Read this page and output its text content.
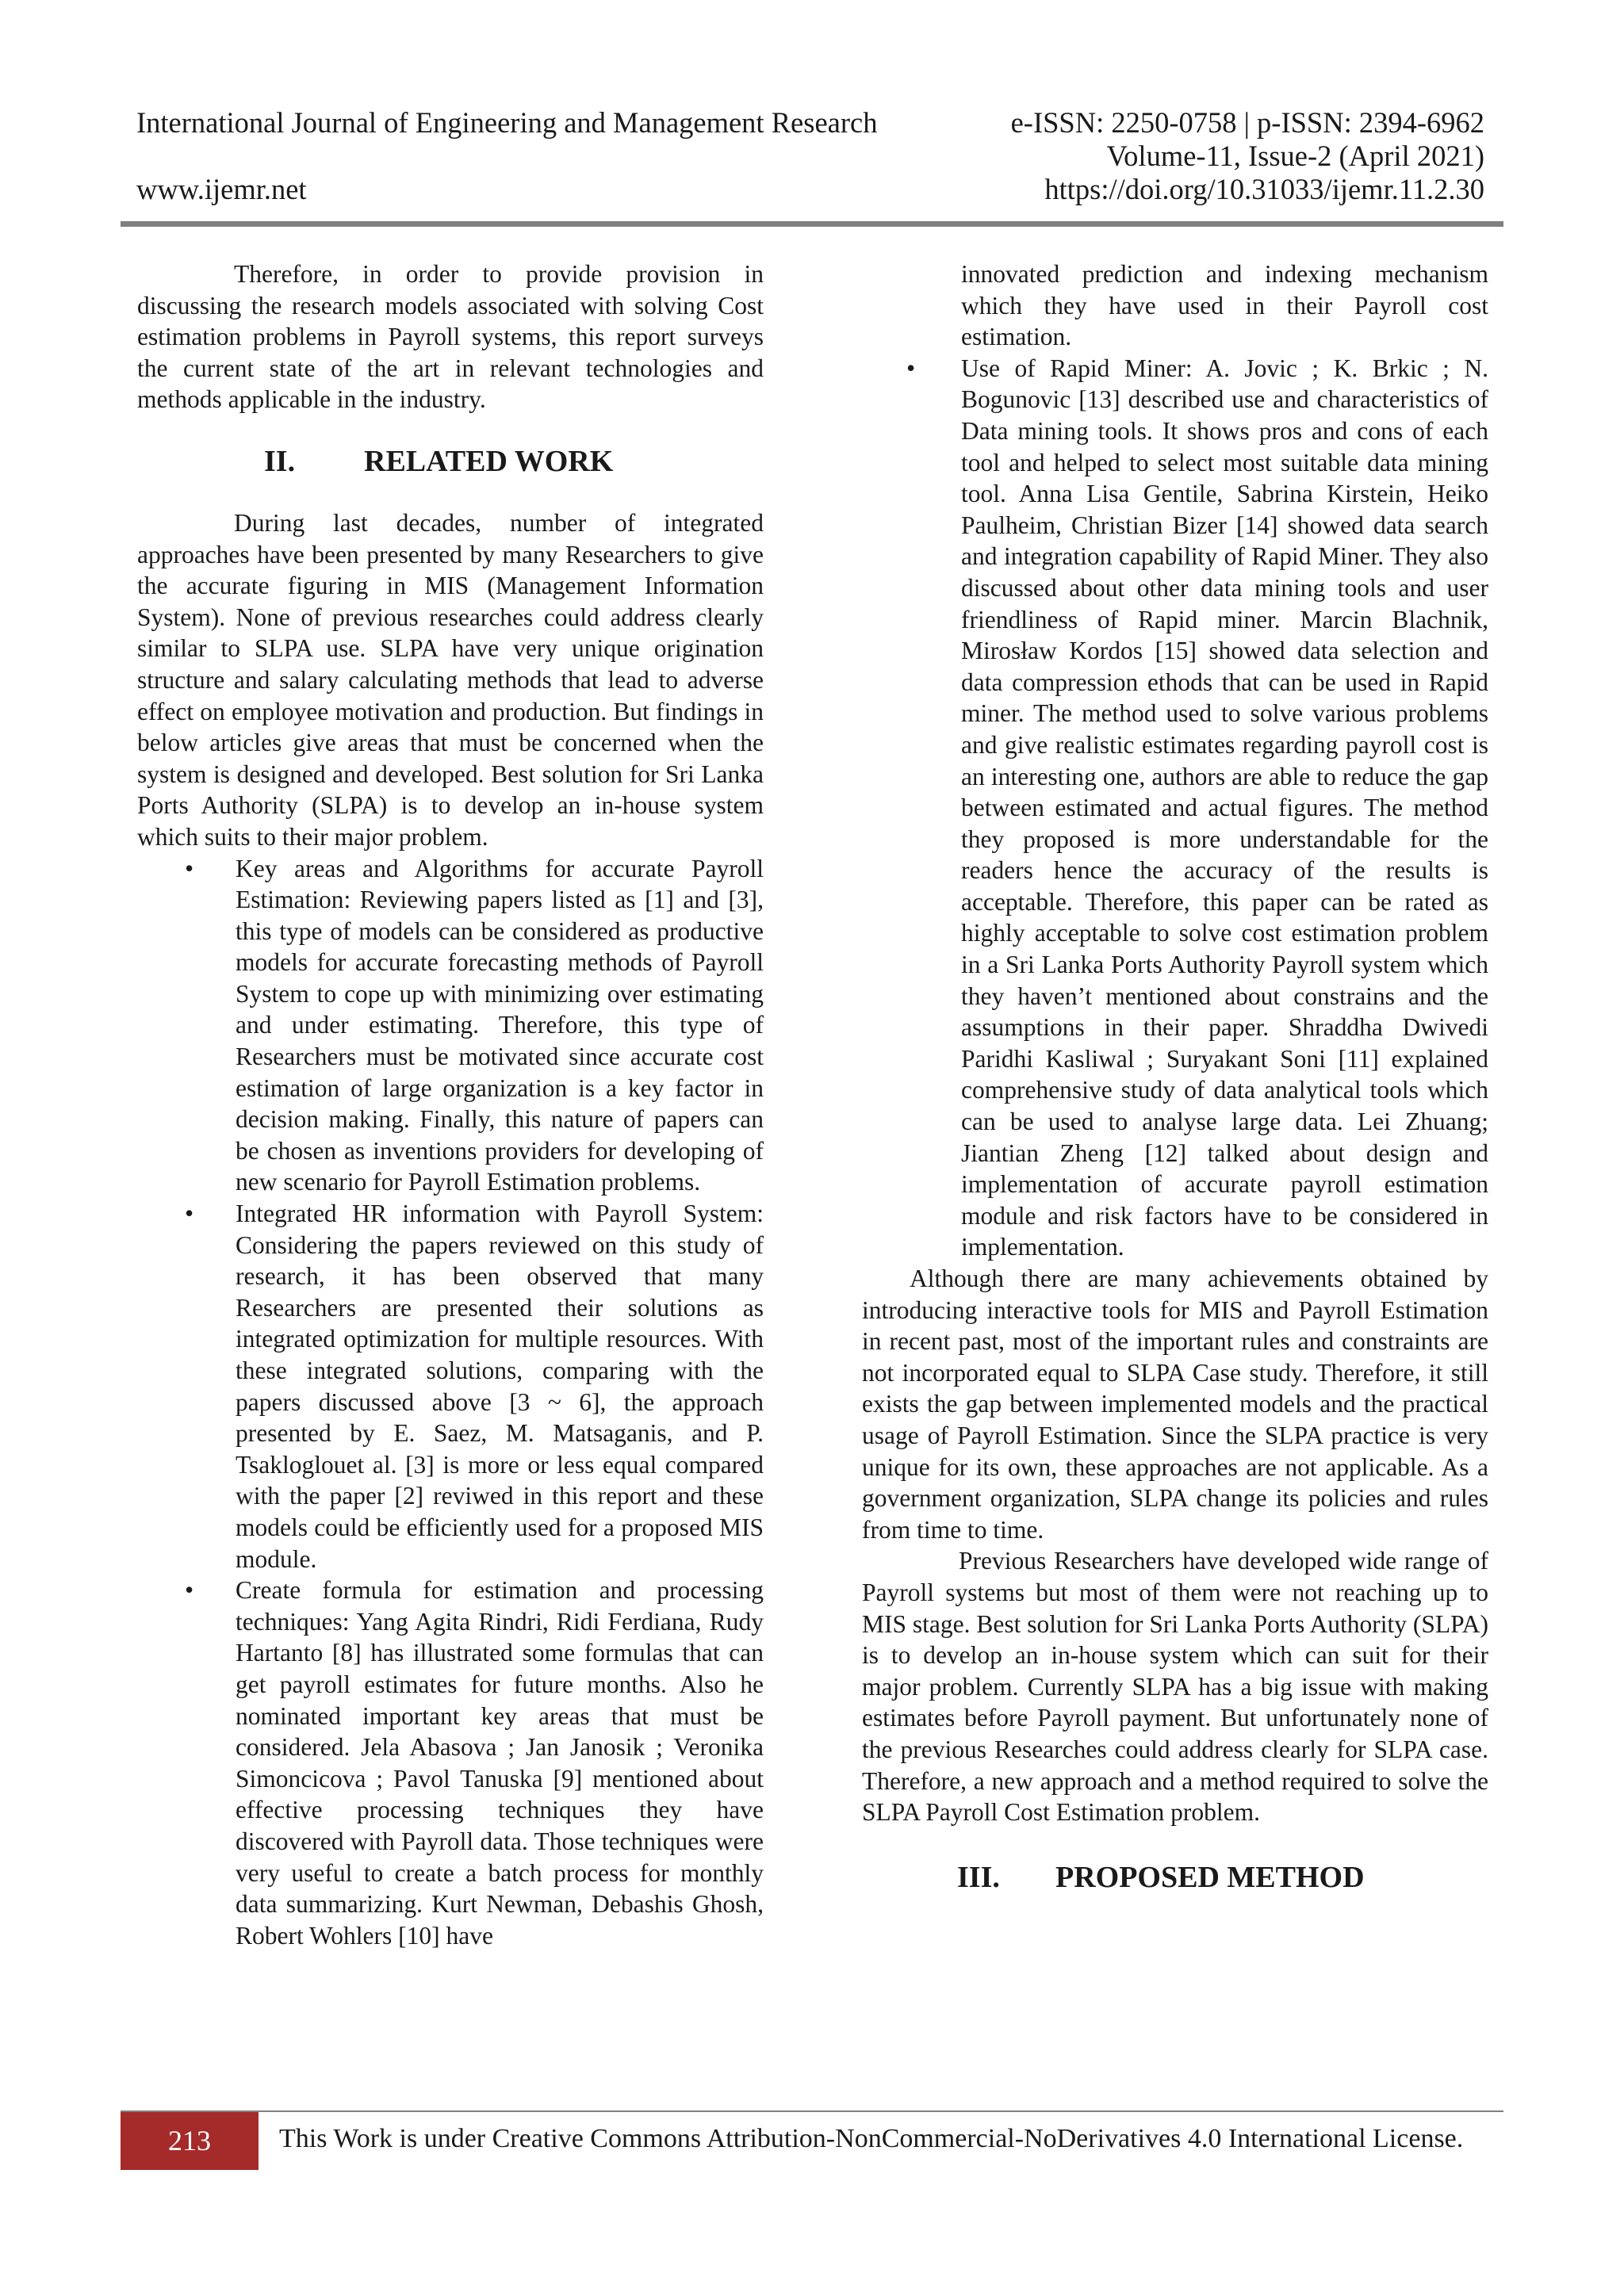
International Journal of Engineering and Management Research
www.ijemr.net
e-ISSN: 2250-0758 | p-ISSN: 2394-6962
Volume-11, Issue-2 (April 2021)
https://doi.org/10.31033/ijemr.11.2.30

Therefore, in order to provide provision in discussing the research models associated with solving Cost estimation problems in Payroll systems, this report surveys the current state of the art in relevant technologies and methods applicable in the industry.

II. RELATED WORK

During last decades, number of integrated approaches have been presented by many Researchers to give the accurate figuring in MIS (Management Information System). None of previous researches could address clearly similar to SLPA use. SLPA have very unique origination structure and salary calculating methods that lead to adverse effect on employee motivation and production. But findings in below articles give areas that must be concerned when the system is designed and developed. Best solution for Sri Lanka Ports Authority (SLPA) is to develop an in-house system which suits to their major problem.

• Key areas and Algorithms for accurate Payroll Estimation: Reviewing papers listed as [1] and [3], this type of models can be considered as productive models for accurate forecasting methods of Payroll System to cope up with minimizing over estimating and under estimating. Therefore, this type of Researchers must be motivated since accurate cost estimation of large organization is a key factor in decision making. Finally, this nature of papers can be chosen as inventions providers for developing of new scenario for Payroll Estimation problems.
• Integrated HR information with Payroll System: Considering the papers reviewed on this study of research, it has been observed that many Researchers are presented their solutions as integrated optimization for multiple resources. With these integrated solutions, comparing with the papers discussed above [3 ~ 6], the approach presented by E. Saez, M. Matsaganis, and P. Tsakloglouet al. [3] is more or less equal compared with the paper [2] reviwed in this report and these models could be efficiently used for a proposed MIS module.
• Create formula for estimation and processing techniques: Yang Agita Rindri, Ridi Ferdiana, Rudy Hartanto [8] has illustrated some formulas that can get payroll estimates for future months. Also he nominated important key areas that must be considered. Jela Abasova ; Jan Janosik ; Veronika Simoncicova ; Pavol Tanuska [9] mentioned about effective processing techniques they have discovered with Payroll data. Those techniques were very useful to create a batch process for monthly data summarizing. Kurt Newman, Debashis Ghosh, Robert Wohlers [10] have

innovated prediction and indexing mechanism which they have used in their Payroll cost estimation.

• Use of Rapid Miner: A. Jovic ; K. Brkic ; N. Bogunovic [13] described use and characteristics of Data mining tools. It shows pros and cons of each tool and helped to select most suitable data mining tool. Anna Lisa Gentile, Sabrina Kirstein, Heiko Paulheim, Christian Bizer [14] showed data search and integration capability of Rapid Miner. They also discussed about other data mining tools and user friendliness of Rapid miner. Marcin Blachnik, Mirosław Kordos [15] showed data selection and data compression ethods that can be used in Rapid miner. The method used to solve various problems and give realistic estimates regarding payroll cost is an interesting one, authors are able to reduce the gap between estimated and actual figures. The method they proposed is more understandable for the readers hence the accuracy of the results is acceptable. Therefore, this paper can be rated as highly acceptable to solve cost estimation problem in a Sri Lanka Ports Authority Payroll system which they haven’t mentioned about constrains and the assumptions in their paper. Shraddha Dwivedi Paridhi Kasliwal ; Suryakant Soni [11] explained comprehensive study of data analytical tools which can be used to analyse large data. Lei Zhuang; Jiantian Zheng [12] talked about design and implementation of accurate payroll estimation module and risk factors have to be considered in implementation.

Although there are many achievements obtained by introducing interactive tools for MIS and Payroll Estimation in recent past, most of the important rules and constraints are not incorporated equal to SLPA Case study. Therefore, it still exists the gap between implemented models and the practical usage of Payroll Estimation. Since the SLPA practice is very unique for its own, these approaches are not applicable. As a government organization, SLPA change its policies and rules from time to time.

Previous Researchers have developed wide range of Payroll systems but most of them were not reaching up to MIS stage. Best solution for Sri Lanka Ports Authority (SLPA) is to develop an in-house system which can suit for their major problem. Currently SLPA has a big issue with making estimates before Payroll payment. But unfortunately none of the previous Researches could address clearly for SLPA case. Therefore, a new approach and a method required to solve the SLPA Payroll Cost Estimation problem.

III. PROPOSED METHOD
213	This Work is under Creative Commons Attribution-NonCommercial-NoDerivatives 4.0 International License.
